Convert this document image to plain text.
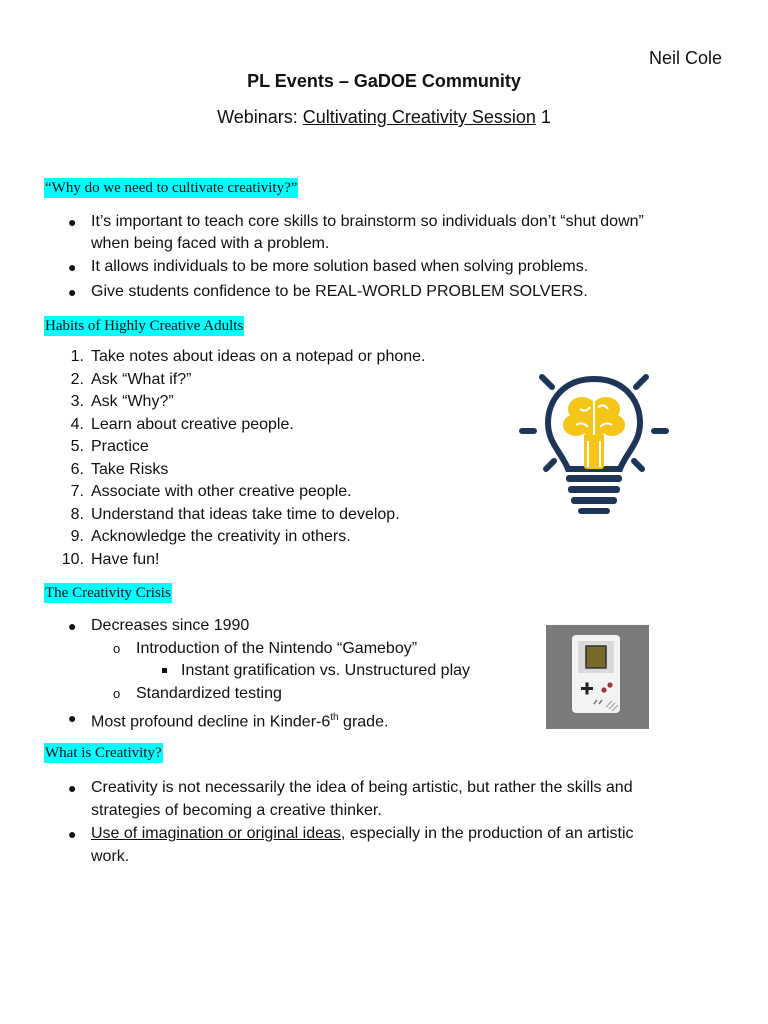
Neil Cole
PL Events – GaDOE Community
Webinars: Cultivating Creativity Session 1
“Why do we need to cultivate creativity?”
● It’s important to teach core skills to brainstorm so individuals don’t “shut down”
when being faced with a problem.
● It allows individuals to be more solution based when solving problems.
● Give students confidence to be REAL-WORLD PROBLEM SOLVERS.
Habits of Highly Creative Adults
1. Take notes about ideas on a notepad or phone.
2. Ask “What if?”
3. Ask “Why?”
4. Learn about creative people.
5. Practice
6. Take Risks
7. Associate with other creative people.
8. Understand that ideas take time to develop.
9. Acknowledge the creativity in others.
10. Have fun!
The Creativity Crisis
● Decreases since 1990
o Introduction of the Nintendo “Gameboy”
Instant gratification vs. Unstructured play
o Standardized testing
● Most profound decline in Kinder-6th grade.
What is Creativity?
● Creativity is not necessarily the idea of being artistic, but rather the skills and
strategies of becoming a creative thinker.
● Use of imagination or original ideas, especially in the production of an artistic
work.
